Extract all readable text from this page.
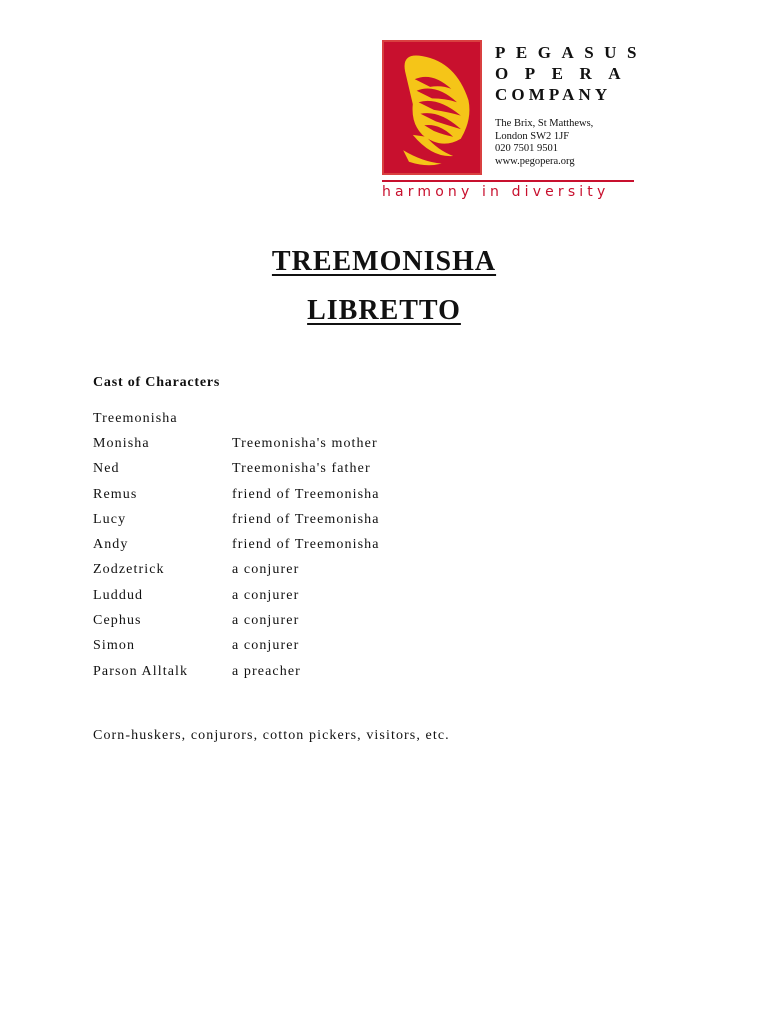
PEGASUS
OPERA
COMPANY
The Brix, St Matthews,
London SW2 1JF
020 7501 9501
www.pegopera.org
harmony in diversity
TREEMONISHA
LIBRETTO
Cast of Characters
Treemonisha
Monisha	Treemonisha's mother
Ned	Treemonisha's father
Remus	friend of Treemonisha
Lucy	friend of Treemonisha
Andy	friend of Treemonisha
Zodzetrick	a conjurer
Luddud	a conjurer
Cephus	a conjurer
Simon	a conjurer
Parson Alltalk	a preacher
Corn-huskers, conjurors, cotton pickers, visitors, etc.
